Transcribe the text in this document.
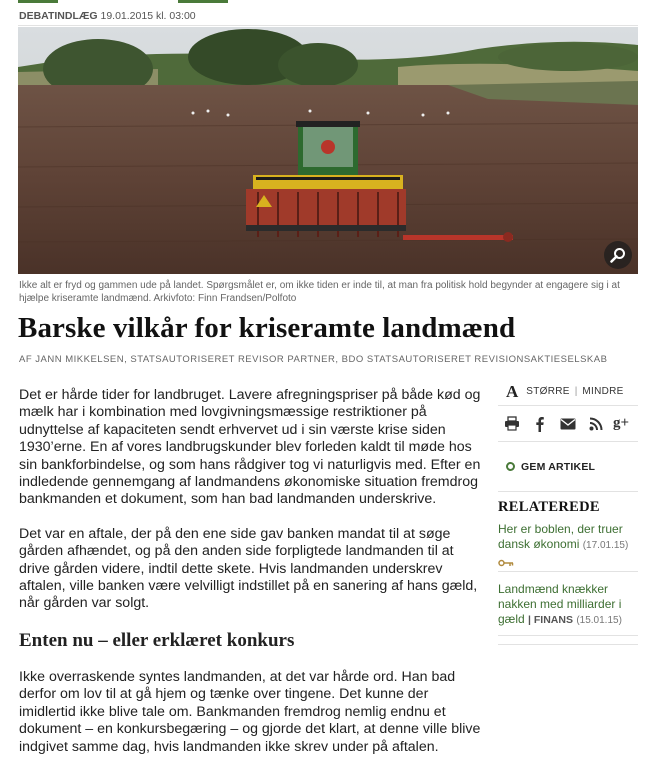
DEBATINDLÆG 19.01.2015 kl. 03:00
Ikke alt er fryd og gammen ude på landet. Spørgsmålet er, om ikke tiden er inde til, at man fra politisk hold begynder at engagere sig i at hjælpe kriseramte landmænd. Arkivfoto: Finn Frandsen/Polfoto
Barske vilkår for kriseramte landmænd
AF JANN MIKKELSEN, STATSAUTORISERET REVISOR PARTNER, BDO STATSAUTORISERET REVISIONSAKTIESELSKAB

Det er hårde tider for landbruget. Lavere afregningspriser på både kød og mælk har i kombination med lovgivningsmæssige restriktioner på udnyttelse af kapaciteten sendt erhvervet ud i sin værste krise siden 1930’erne. En af vores landbrugskunder blev forleden kaldt til møde hos sin bankforbindelse, og som hans rådgiver tog vi naturligvis med. Efter en indledende gennemgang af landmandens økonomiske situation fremdrog bankmanden et dokument, som han bad landmanden underskrive.

Det var en aftale, der på den ene side gav banken mandat til at søge gården afhændet, og på den anden side forpligtede landmanden til at drive gården videre, indtil dette skete. Hvis landmanden underskrev aftalen, ville banken være velvilligt indstillet på en sanering af hans gæld, når gården var solgt.

Enten nu – eller erklæret konkurs

Ikke overraskende syntes landmanden, at det var hårde ord. Han bad derfor om lov til at gå hjem og tænke over tingene. Det kunne der imidlertid ikke blive tale om. Bankmanden fremdrog nemlig endnu et dokument – en konkursbegæring – og gjorde det klart, at denne ville blive indgivet samme dag, hvis landmanden ikke skrev under på aftalen.

A STØRRE | MINDRE
g+
GEM ARTIKEL
RELATEREDE
Her er boblen, der truer dansk økonomi (17.01.15)
Landmænd knækker nakken med milliarder i gæld | FINANS (15.01.15)
